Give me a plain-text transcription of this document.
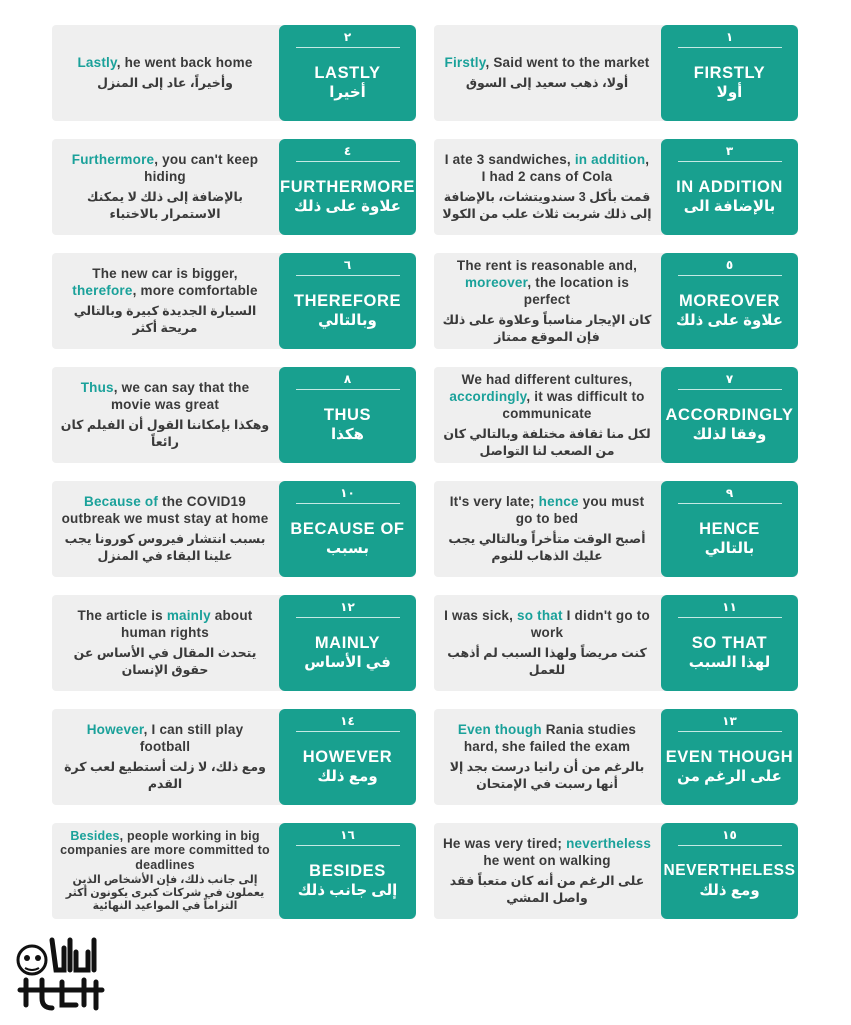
Firstly, Said went to the market
أولا، ذهب سعيد إلى السوق
١
FIRSTLY
أولا
Lastly, he went back home
وأخيراً، عاد إلى المنزل
٢
LASTLY
أخيرا
I ate 3 sandwiches, in addition, I had 2 cans of Cola
قمت بأكل 3 سندويتشات، بالإضافة إلى ذلك شربت ثلاث علب من الكولا
٣
IN ADDITION
بالإضافة الى
Furthermore, you can't keep hiding
بالإضافة إلى ذلك لا يمكنك الاستمرار بالاختباء
٤
FURTHERMORE
علاوة على ذلك
The rent is reasonable and, moreover, the location is perfect
كان الإيجار مناسباً وعلاوة على ذلك فإن الموقع ممتاز
٥
MOREOVER
علاوة على ذلك
The new car is bigger, therefore, more comfortable
السيارة الجديدة كبيرة وبالتالي مريحة أكثر
٦
THEREFORE
وبالتالي
We had different cultures, accordingly, it was difficult to communicate
لكل منا ثقافة مختلفة وبالتالي كان من الصعب لنا التواصل
٧
ACCORDINGLY
وفقا لذلك
Thus, we can say that the movie was great
وهكذا بإمكاننا القول أن الفيلم كان رائعاً
٨
THUS
هكذا
It's very late; hence you must go to bed
أصبح الوقت متأخراً وبالتالي يجب عليك الذهاب للنوم
٩
HENCE
بالتالي
Because of the COVID19 outbreak we must stay at home
بسبب انتشار فيروس كورونا يجب علينا البقاء في المنزل
١٠
BECAUSE OF
بسبب
I was sick, so that I didn't go to work
كنت مريضاً ولهذا السبب لم أذهب للعمل
١١
SO THAT
لهذا السبب
The article is mainly about human rights
يتحدث المقال في الأساس عن حقوق الإنسان
١٢
MAINLY
في الأساس
Even though Rania studies hard, she failed the exam
بالرغم من أن رانيا درست بجد إلا أنها رسبت في الإمتحان
١٣
EVEN THOUGH
على الرغم من
However, I can still play football
ومع ذلك، لا زلت أستطيع لعب كرة القدم
١٤
HOWEVER
ومع ذلك
He was very tired; nevertheless he went on walking
على الرغم من أنه كان متعباً فقد واصل المشي
١٥
NEVERTHELESS
ومع ذلك
Besides, people working in big companies are more committed to deadlines
إلى جانب ذلك، فإن الأشخاص الذين يعملون في شركات كبرى يكونون أكثر التزاماً في المواعيد النهائية
١٦
BESIDES
إلى جانب ذلك
